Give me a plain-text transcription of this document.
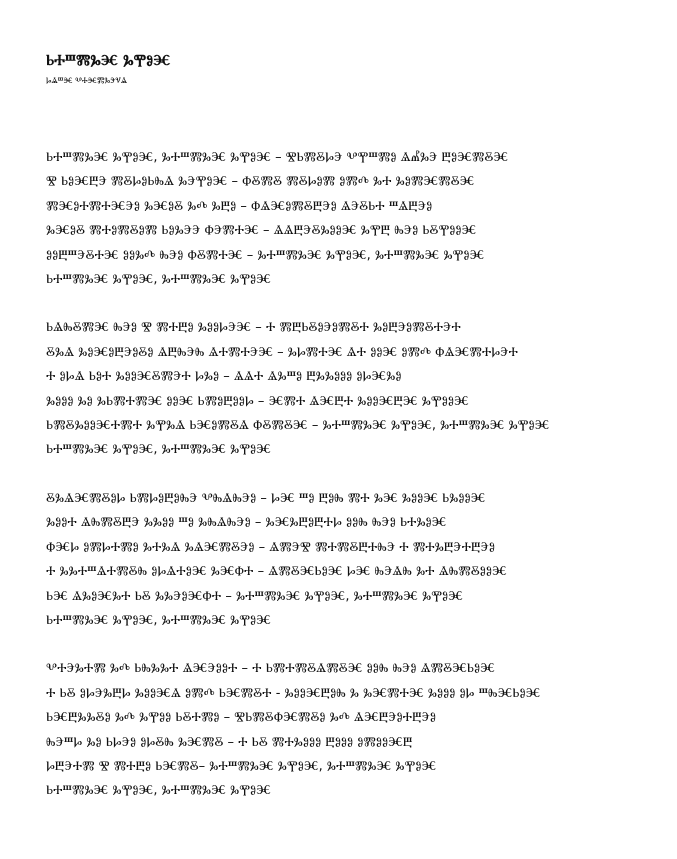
ⰓⰀⰞⰏⰃⰧ ⰃⰉⰑⰧ
ⰘⰡⰞⰧ ⰂⰀⰧⰏⰃⰅⰜⰡ
ⰓⰀⰞⰏⰃⰧ ⰃⰉⰑⰧ, ⰃⰀⰞⰏⰃⰧ ⰃⰉⰑⰧ – ⰊⰓⰏⰋⰘⰅ ⰂⰉⰞⰏⰑ ⰡⰌⰃⰅ ⰁⰑⰧⰏⰋⰧ
Ⰺ ⰓⰑⰧⰁⰅ ⰏⰋⰘⰑⰓⰈⰡ ⰃⰅⰉⰑⰧ – ⰗⰋⰏⰋ ⰏⰋⰘⰑⰏ ⰑⰏⰄ ⰃⰀ ⰃⰑⰏⰧⰏⰋⰧ
ⰏⰧⰑⰀⰏⰀⰧⰅⰑ ⰃⰧⰑⰋ ⰃⰄ ⰃⰁⰑ – ⰗⰡⰧⰑⰏⰋⰁⰅⰑ ⰡⰅⰋⰓⰀ ⰞⰡⰁⰅⰑ
ⰃⰧⰑⰋ ⰏⰀⰑⰏⰋⰑⰏ ⰓⰑⰃⰅⰅ ⰗⰅⰏⰀⰧ – ⰡⰡⰁⰅⰋⰃⰑⰑⰧ ⰃⰉⰁ ⰈⰅⰑ ⰓⰋⰉⰑⰑⰧ
ⰑⰑⰁⰞⰅⰋⰀⰧ ⰑⰑⰃⰄ ⰈⰅⰑ ⰗⰋⰏⰀⰧ – ⰃⰀⰞⰏⰃⰧ ⰃⰉⰑⰧ, ⰃⰀⰞⰏⰃⰧ ⰃⰉⰑⰧ
ⰓⰀⰞⰏⰃⰧ ⰃⰉⰑⰧ, ⰃⰀⰞⰏⰃⰧ ⰃⰉⰑⰧ
ⰓⰡⰈⰋⰏⰧ ⰈⰅⰑ Ⰺ ⰏⰀⰁⰑ ⰃⰑⰑⰘⰅⰧ – Ⰰ ⰏⰁⰓⰋⰑⰅⰑⰏⰋⰀ ⰃⰑⰁⰅⰑⰏⰋⰀⰅⰀ
ⰋⰃⰡ ⰃⰑⰧⰑⰁⰅⰑⰋⰑ ⰡⰁⰈⰅⰈ ⰡⰀⰏⰀⰅⰧ – ⰃⰘⰏⰀⰧ ⰡⰀ ⰑⰑⰧ ⰑⰏⰄ ⰗⰡⰧⰏⰀⰘⰅⰀ
Ⰰ ⰑⰘⰡ ⰓⰑⰀ ⰃⰑⰑⰧⰋⰏⰅⰀ ⰘⰃⰑ – ⰡⰡⰀ ⰡⰃⰞⰑ ⰁⰃⰃⰑⰑⰑ ⰑⰘⰧⰃⰑ
ⰃⰑⰑⰑ ⰃⰑ ⰃⰓⰏⰀⰏⰧ ⰑⰑⰧ ⰓⰏⰑⰁⰑⰑⰘ – ⰧⰏⰀ ⰡⰧⰁⰀ ⰃⰑⰑⰧⰁⰧ ⰃⰉⰑⰑⰧ
ⰓⰏⰋⰃⰑⰑⰧⰀⰏⰀ ⰃⰉⰃⰡ ⰓⰧⰑⰏⰋⰡ ⰗⰋⰏⰋⰧ – ⰃⰀⰞⰏⰃⰧ ⰃⰉⰑⰧ, ⰃⰀⰞⰏⰃⰧ ⰃⰉⰑⰧ
ⰓⰀⰞⰏⰃⰧ ⰃⰉⰑⰧ, ⰃⰀⰞⰏⰃⰧ ⰃⰉⰑⰧ
ⰋⰃⰡⰧⰏⰋⰑⰘ ⰓⰏⰘⰑⰁⰑⰈⰅ ⰂⰈⰡⰈⰅⰑ – ⰘⰧ ⰞⰑ ⰁⰑⰈ ⰏⰀ ⰃⰧ ⰃⰑⰑⰧ ⰓⰃⰑⰑⰧ
ⰃⰑⰑⰀ ⰡⰈⰏⰋⰁⰅ ⰃⰃⰑⰑ ⰞⰑ ⰃⰈⰡⰈⰅⰑ – ⰃⰧⰃⰁⰑⰁⰀⰘ ⰑⰑⰈ ⰈⰅⰑ ⰓⰀⰃⰑⰧ
ⰗⰧⰘ ⰑⰏⰘⰀⰏⰑ ⰃⰀⰃⰡ ⰃⰡⰧⰏⰋⰅⰑ – ⰡⰏⰅⰊ ⰏⰀⰏⰋⰁⰀⰈⰅ Ⰰ ⰏⰀⰃⰁⰅⰀⰁⰅⰑ
Ⰰ ⰃⰃⰀⰞⰡⰀⰏⰋⰈ ⰑⰘⰡⰀⰑⰧ ⰃⰧⰗⰀ – ⰡⰏⰋⰧⰓⰑⰧ ⰘⰧ ⰈⰅⰡⰈ ⰃⰀ ⰡⰈⰏⰋⰑⰑⰧ
ⰓⰧ ⰡⰃⰑⰧⰃⰀ ⰓⰋ ⰃⰃⰅⰑⰧⰗⰀ – ⰃⰀⰞⰏⰃⰧ ⰃⰉⰑⰧ, ⰃⰀⰞⰏⰃⰧ ⰃⰉⰑⰧ
ⰓⰀⰞⰏⰃⰧ ⰃⰉⰑⰧ, ⰃⰀⰞⰏⰃⰧ ⰃⰉⰑⰧ
ⰂⰀⰅⰃⰀⰏ ⰃⰄ ⰓⰈⰃⰃⰀ ⰡⰧⰅⰑⰑⰀ – Ⰰ ⰓⰏⰀⰏⰋⰡⰏⰋⰧ ⰑⰑⰈ ⰈⰅⰑ ⰡⰏⰋⰧⰓⰑⰧ
Ⰰ ⰓⰋ ⰑⰘⰅⰃⰁⰘ ⰃⰑⰑⰧⰡ ⰑⰏⰄ ⰓⰧⰏⰋⰀ - ⰃⰑⰑⰧⰁⰑⰈ Ⰳ ⰃⰧⰏⰀⰧ ⰃⰑⰑⰑ ⰑⰘ ⰞⰈⰧⰓⰑⰧ
ⰓⰧⰁⰃⰃⰋⰑ ⰃⰄ ⰃⰉⰑⰑ ⰓⰋⰀⰏⰑ – ⰊⰓⰏⰋⰗⰧⰏⰋⰑ ⰃⰄ ⰡⰧⰁⰅⰑⰀⰁⰅⰑ
ⰈⰅⰞⰘ ⰃⰑ ⰓⰘⰅⰑ ⰑⰘⰋⰈ ⰃⰧⰏⰋ – Ⰰ ⰓⰋ ⰏⰀⰃⰑⰑⰑ ⰁⰑⰑⰑ ⰑⰏⰑⰑⰧⰁ
ⰘⰁⰅⰀⰏ Ⰺ ⰏⰀⰁⰑ ⰓⰧⰏⰋ– ⰃⰀⰞⰏⰃⰧ ⰃⰉⰑⰧ, ⰃⰀⰞⰏⰃⰧ ⰃⰉⰑⰧ
ⰓⰀⰞⰏⰃⰧ ⰃⰉⰑⰧ, ⰃⰀⰞⰏⰃⰧ ⰃⰉⰑⰧ
